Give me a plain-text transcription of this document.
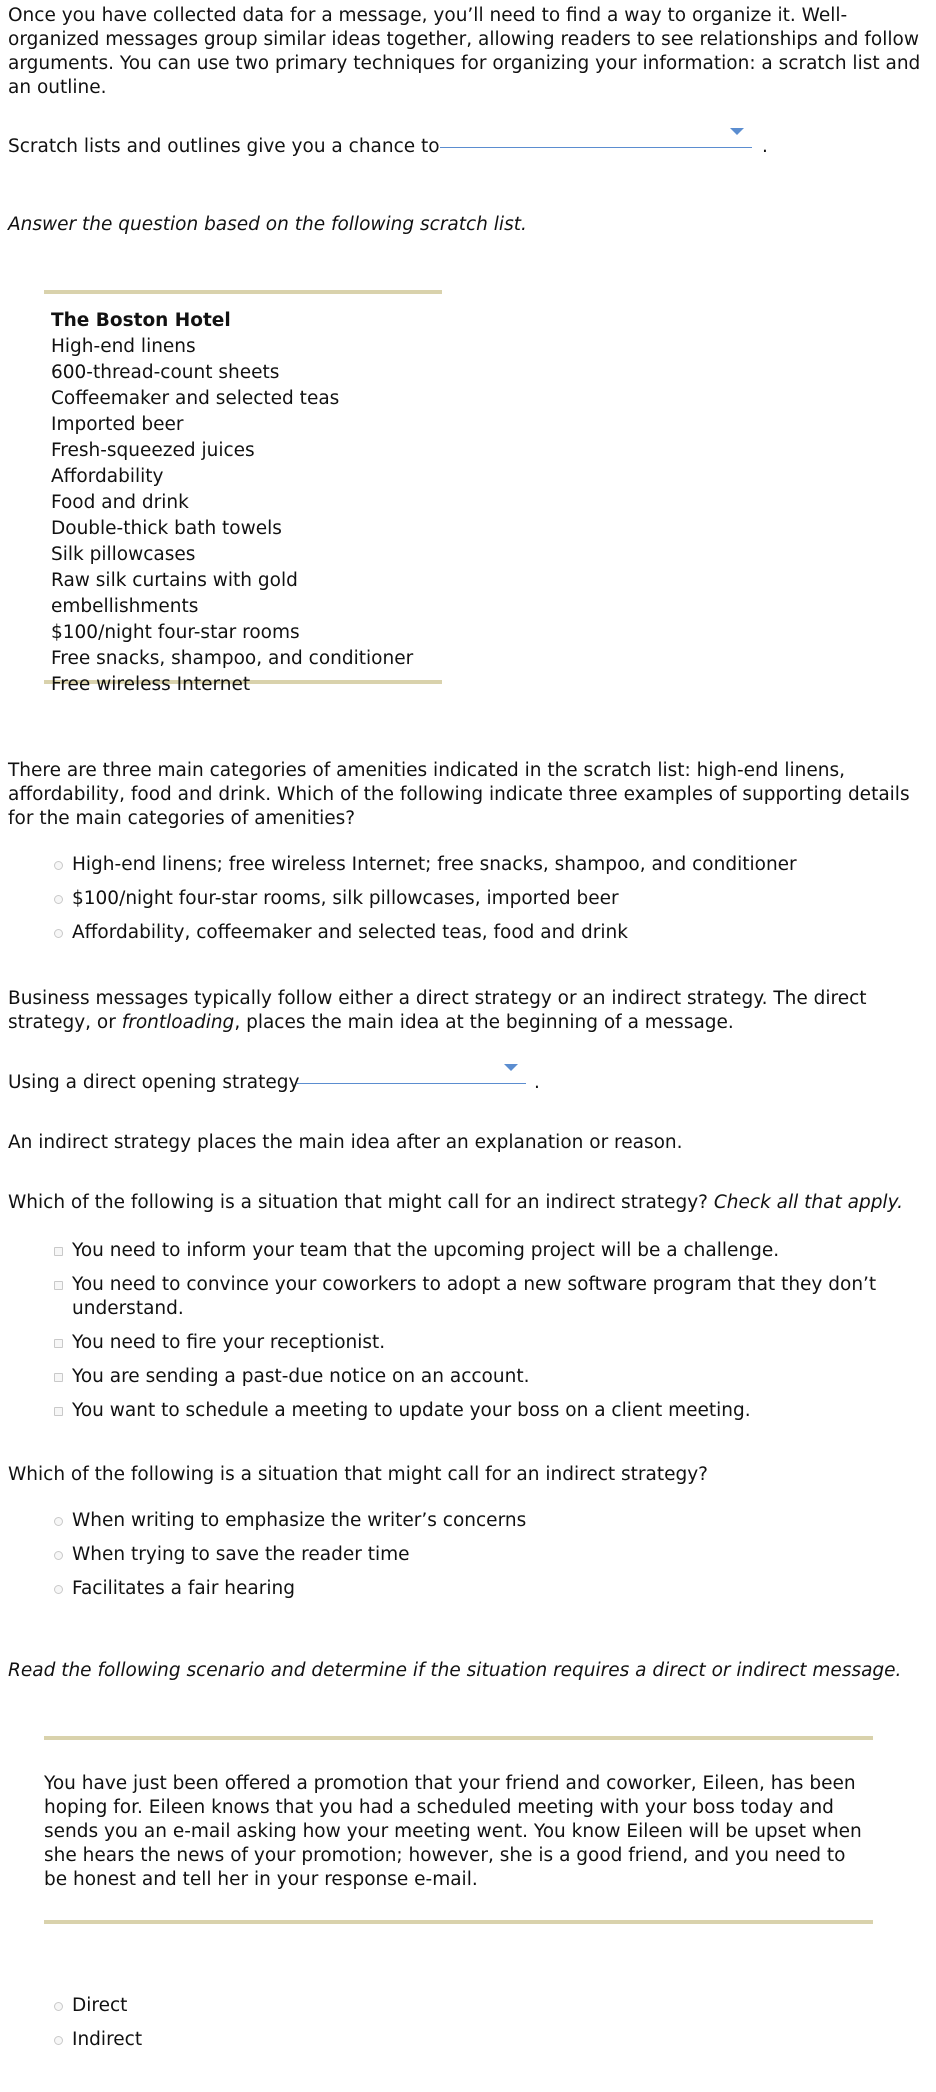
Once you have collected data for a message, you’ll need to find a way to organize it. Well-organized messages group similar ideas together, allowing readers to see relationships and follow arguments. You can use two primary techniques for organizing your information: a scratch list and an outline.

Scratch lists and outlines give you a chance to	.

Answer the question based on the following scratch list.

The Boston Hotel
High-end linens
600-thread-count sheets
Coffeemaker and selected teas
Imported beer
Fresh-squeezed juices
Affordability
Food and drink
Double-thick bath towels
Silk pillowcases
Raw silk curtains with gold embellishments
$100/night four-star rooms
Free snacks, shampoo, and conditioner
Free wireless Internet

There are three main categories of amenities indicated in the scratch list: high-end linens, affordability, food and drink. Which of the following indicate three examples of supporting details for the main categories of amenities?

High-end linens; free wireless Internet; free snacks, shampoo, and conditioner
$100/night four-star rooms, silk pillowcases, imported beer
Affordability, coffeemaker and selected teas, food and drink

Business messages typically follow either a direct strategy or an indirect strategy. The direct strategy, or frontloading, places the main idea at the beginning of a message.

Using a direct opening strategy	.

An indirect strategy places the main idea after an explanation or reason.

Which of the following is a situation that might call for an indirect strategy? Check all that apply.

You need to inform your team that the upcoming project will be a challenge.
You need to convince your coworkers to adopt a new software program that they don’t understand.
You need to fire your receptionist.
You are sending a past-due notice on an account.
You want to schedule a meeting to update your boss on a client meeting.

Which of the following is a situation that might call for an indirect strategy?

When writing to emphasize the writer’s concerns
When trying to save the reader time
Facilitates a fair hearing

Read the following scenario and determine if the situation requires a direct or indirect message.

You have just been offered a promotion that your friend and coworker, Eileen, has been hoping for. Eileen knows that you had a scheduled meeting with your boss today and sends you an e-mail asking how your meeting went. You know Eileen will be upset when she hears the news of your promotion; however, she is a good friend, and you need to be honest and tell her in your response e-mail.

Direct
Indirect
